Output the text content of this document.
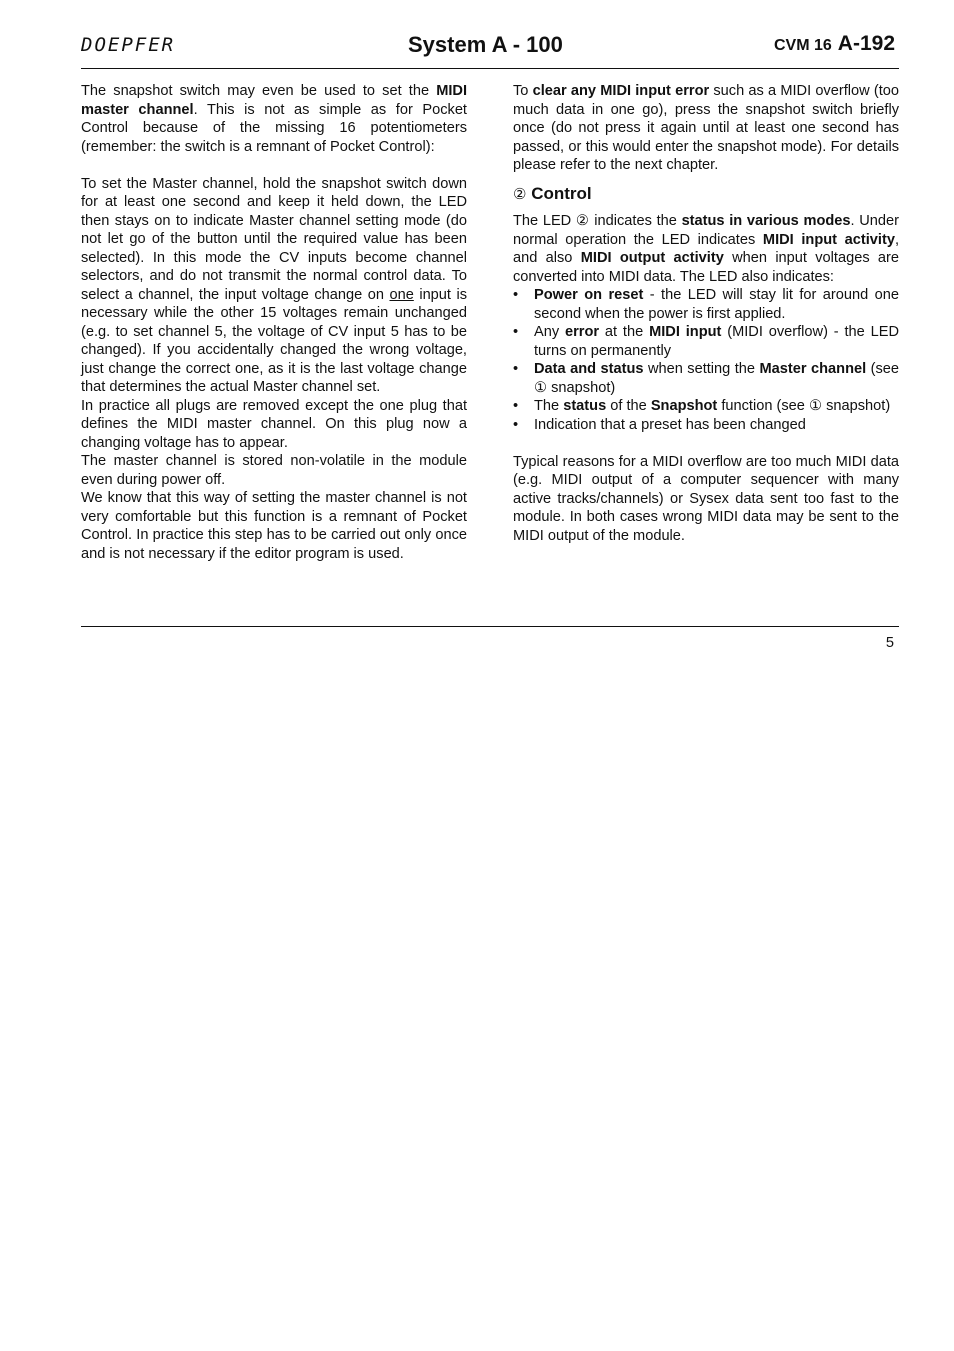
DOEPFER	System A - 100	CVM 16 A-192

The snapshot switch may even be used to set the MIDI master channel. This is not as simple as for Pocket Control because of the missing 16 potentiometers (remember: the switch is a remnant of Pocket Control):

To set the Master channel, hold the snapshot switch down for at least one second and keep it held down, the LED then stays on to indicate Master channel setting mode (do not let go of the button until the required value has been selected). In this mode the CV inputs become channel selectors, and do not transmit the normal control data. To select a channel, the input voltage change on one input is necessary while the other 15 voltages remain unchanged (e.g. to set channel 5, the voltage of CV input 5 has to be changed). If you accidentally changed the wrong voltage, just change the correct one, as it is the last voltage change that determines the actual Master channel set.

In practice all plugs are removed except the one plug that defines the MIDI master channel. On this plug now a changing voltage has to appear.

The master channel is stored non-volatile in the module even during power off.

We know that this way of setting the master channel is not very comfortable but this function is a remnant of Pocket Control. In practice this step has to be carried out only once and is not necessary if the editor program is used.

To clear any MIDI input error such as a MIDI overflow (too much data in one go), press the snapshot switch briefly once (do not press it again until at least one second has passed, or this would enter the snapshot mode). For details please refer to the next chapter.

② Control

The LED ② indicates the status in various modes. Under normal operation the LED indicates MIDI input activity, and also MIDI output activity when input voltages are converted into MIDI data. The LED also indicates:

• Power on reset - the LED will stay lit for around one second when the power is first applied.
• Any error at the MIDI input (MIDI overflow) - the LED turns on permanently
• Data and status when setting the Master channel (see ① snapshot)
• The status of the Snapshot function (see ① snapshot)
• Indication that a preset has been changed

Typical reasons for a MIDI overflow are too much MIDI data (e.g. MIDI output of a computer sequencer with many active tracks/channels) or Sysex data sent too fast to the module. In both cases wrong MIDI data may be sent to the MIDI output of the module.

5
